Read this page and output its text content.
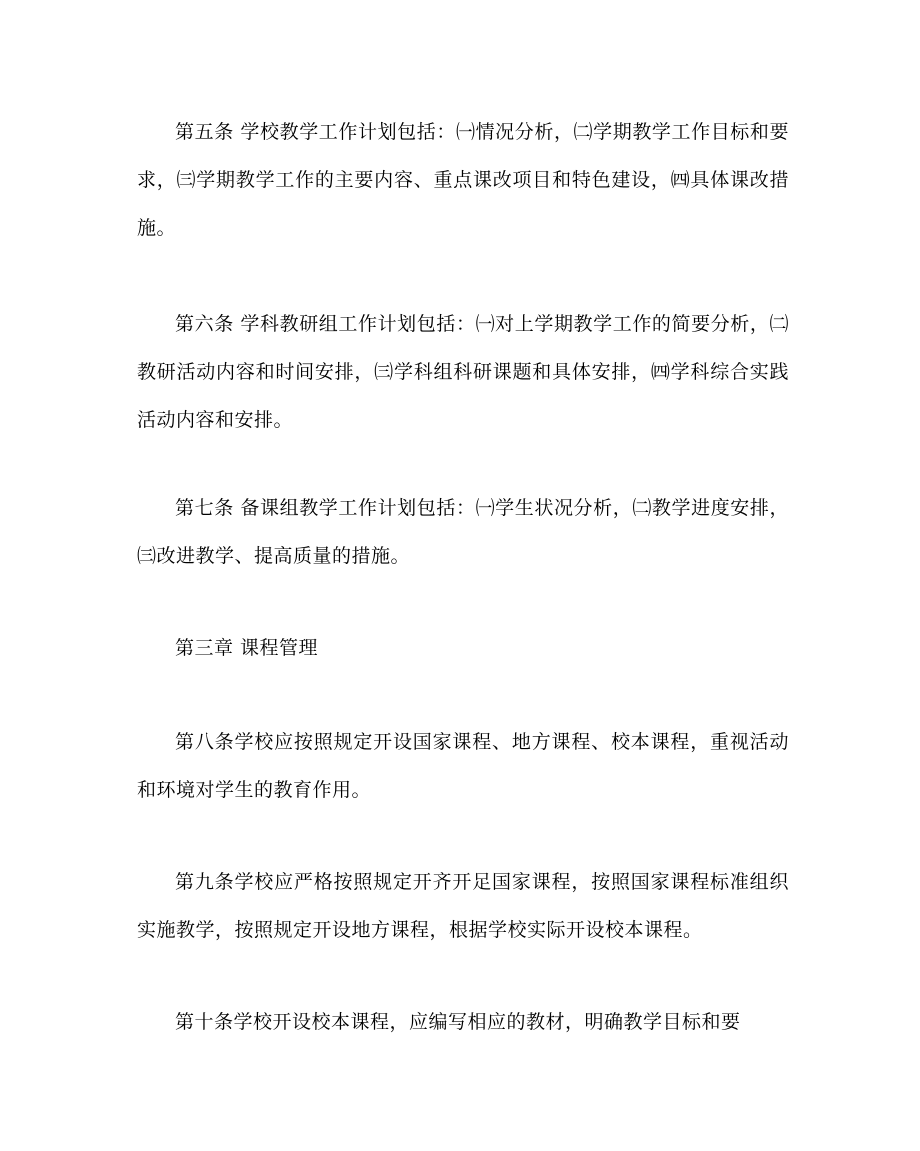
第五条 学校教学工作计划包括：㈠情况分析，㈡学期教学工作目标和要求，㈢学期教学工作的主要内容、重点课改项目和特色建设，㈣具体课改措施。

第六条 学科教研组工作计划包括：㈠对上学期教学工作的简要分析，㈡教研活动内容和时间安排，㈢学科组科研课题和具体安排，㈣学科综合实践活动内容和安排。

第七条 备课组教学工作计划包括：㈠学生状况分析，㈡教学进度安排，㈢改进教学、提高质量的措施。

第三章 课程管理

第八条学校应按照规定开设国家课程、地方课程、校本课程，重视活动和环境对学生的教育作用。

第九条学校应严格按照规定开齐开足国家课程，按照国家课程标准组织实施教学，按照规定开设地方课程，根据学校实际开设校本课程。

第十条学校开设校本课程，应编写相应的教材，明确教学目标和要
